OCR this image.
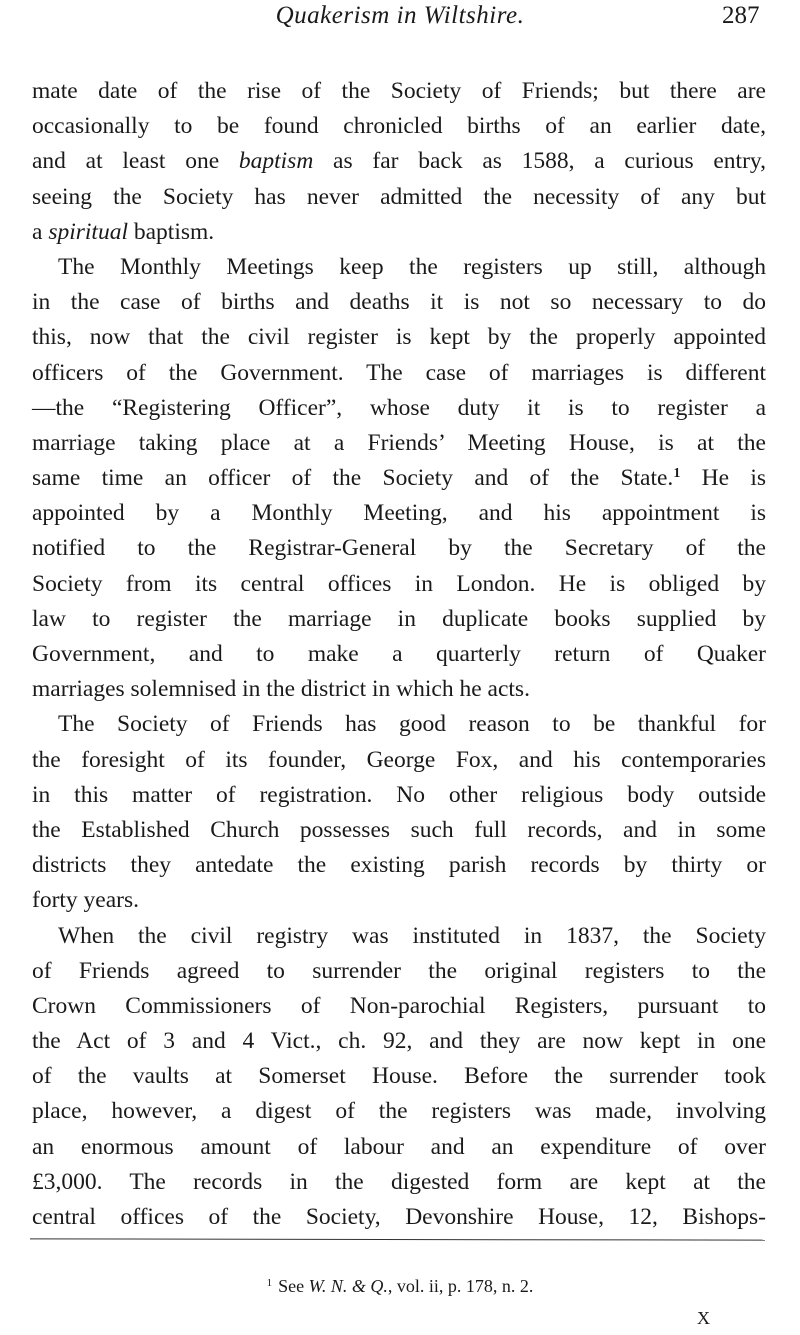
Quakerism in Wiltshire.	287
mate date of the rise of the Society of Friends; but there are
occasionally to be found chronicled births of an earlier date,
and at least one baptism as far back as 1588, a curious entry,
seeing the Society has never admitted the necessity of any but
a spiritual baptism.
The Monthly Meetings keep the registers up still, although
in the case of births and deaths it is not so necessary to do
this, now that the civil register is kept by the properly appointed
officers of the Government. The case of marriages is different
—the “Registering Officer”, whose duty it is to register a
marriage taking place at a Friends’ Meeting House, is at the
same time an officer of the Society and of the State.$^1$ He is
appointed by a Monthly Meeting, and his appointment is
notified to the Registrar-General by the Secretary of the
Society from its central offices in London. He is obliged by
law to register the marriage in duplicate books supplied by
Government, and to make a quarterly return of Quaker
marriages solemnised in the district in which he acts.
The Society of Friends has good reason to be thankful for
the foresight of its founder, George Fox, and his contemporaries
in this matter of registration. No other religious body outside
the Established Church possesses such full records, and in some
districts they antedate the existing parish records by thirty or
forty years.
When the civil registry was instituted in 1837, the Society
of Friends agreed to surrender the original registers to the
Crown Commissioners of Non-parochial Registers, pursuant to
the Act of 3 and 4 Vict., ch. 92, and they are now kept in one
of the vaults at Somerset House. Before the surrender took
place, however, a digest of the registers was made, involving
an enormous amount of labour and an expenditure of over
£3,000. The records in the digested form are kept at the
central offices of the Society, Devonshire House, 12, Bishops-
$^1$ See W. N. & Q., vol. ii, p. 178, n. 2.
X
